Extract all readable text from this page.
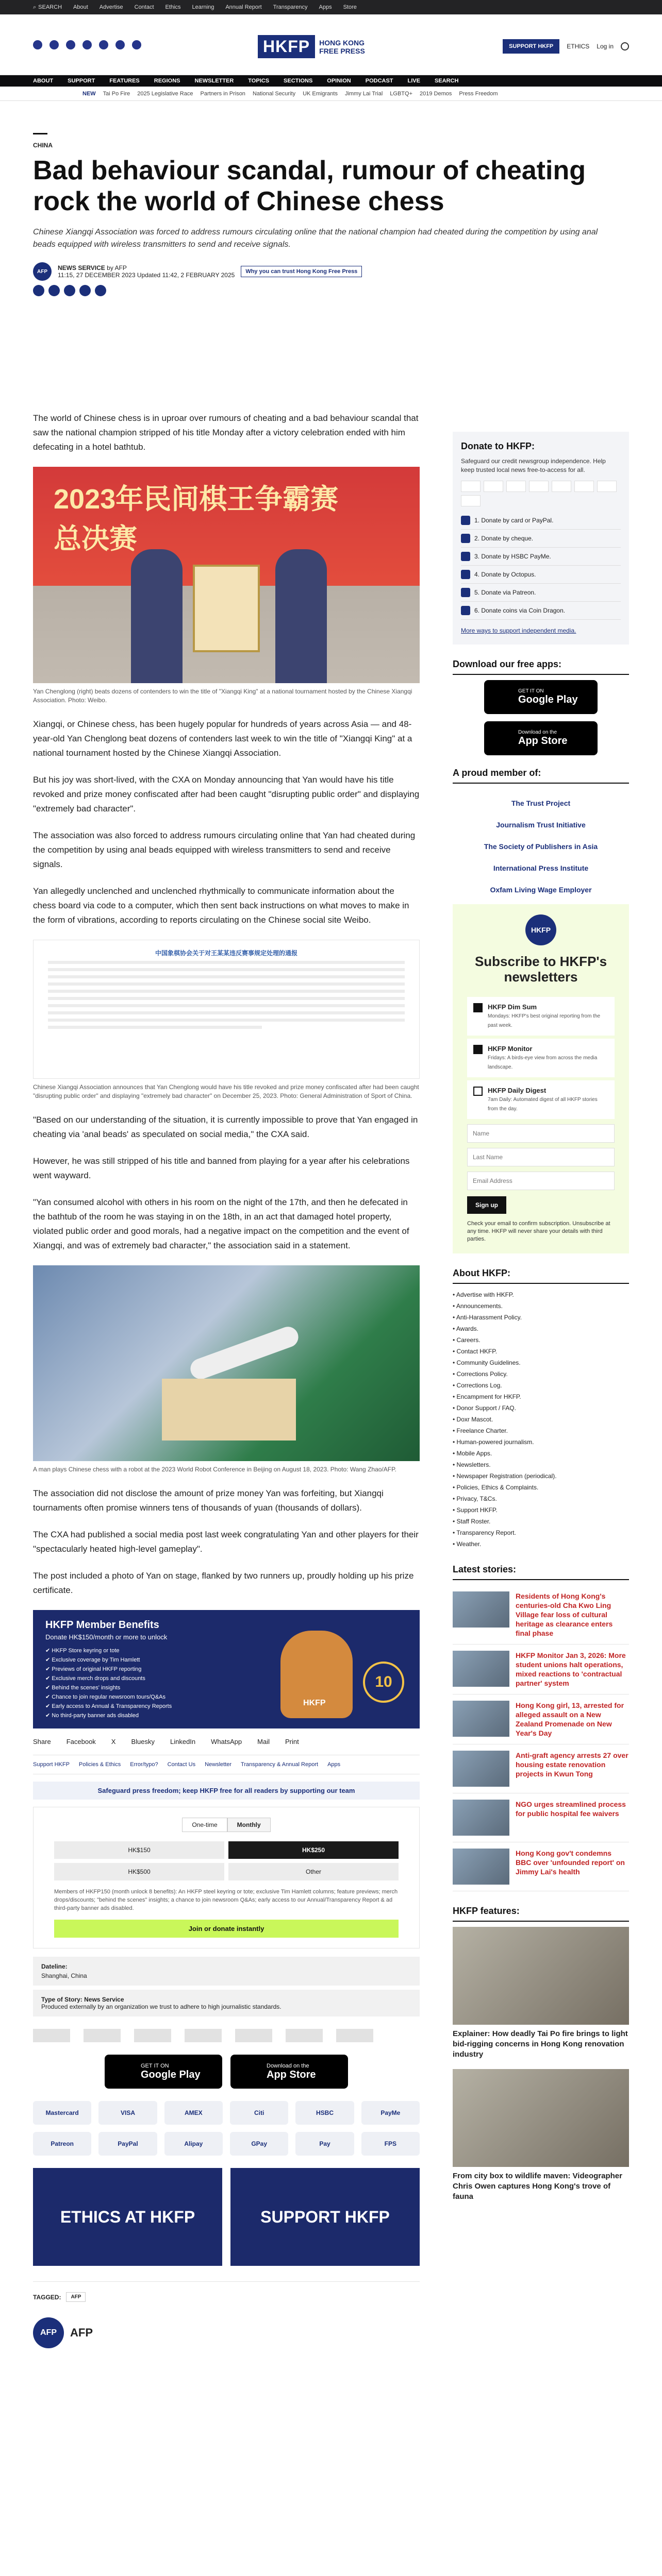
⌕ SEARCH About Advertise Contact Ethics Learning Annual Report Transparency Apps Store
HKFP	HONG KONG
FREE PRESS
SUPPORT HKFP	ETHICS Log in
ABOUT	SUPPORT	FEATURES	REGIONS	NEWSLETTER	TOPICS	SECTIONS	OPINION	PODCAST	LIVE	SEARCH
NEW Tai Po Fire 2025 Legislative Race Partners in Prison National Security UK Emigrants Jimmy Lai Trial LGBTQ+ 2019 Demos Press Freedom
CHINA
Bad behaviour scandal, rumour of cheating rock the world of Chinese chess
Chinese Xiangqi Association was forced to address rumours circulating online that the national champion had cheated during the competition by using anal beads equipped with wireless transmitters to send and receive signals.
AFP	NEWS SERVICE by AFP
11:15, 27 DECEMBER 2023 Updated 11:42, 2 FEBRUARY 2025	Why you can trust Hong Kong Free Press

The world of Chinese chess is in uproar over rumours of cheating and a bad behaviour scandal that saw the national champion stripped of his title Monday after a victory celebration ended with him defecating in a hotel bathtub.

2023年民间棋王争霸赛
总决赛

Yan Chenglong (right) beats dozens of contenders to win the title of "Xiangqi King" at a national tournament hosted by the Chinese Xiangqi Association. Photo: Weibo.

Xiangqi, or Chinese chess, has been hugely popular for hundreds of years across Asia — and 48-year-old Yan Chenglong beat dozens of contenders last week to win the title of "Xiangqi King" at a national tournament hosted by the Chinese Xiangqi Association.

But his joy was short-lived, with the CXA on Monday announcing that Yan would have his title revoked and prize money confiscated after had been caught "disrupting public order" and displaying "extremely bad character".

The association was also forced to address rumours circulating online that Yan had cheated during the competition by using anal beads equipped with wireless transmitters to send and receive signals.

Yan allegedly unclenched and unclenched rhythmically to communicate information about the chess board via code to a computer, which then sent back instructions on what moves to make in the form of vibrations, according to reports circulating on the Chinese social site Weibo.

中国象棋协会关于对王某某违反赛事规定处理的通报

Chinese Xiangqi Association announces that Yan Chenglong would have his title revoked and prize money confiscated after had been caught "disrupting public order" and displaying "extremely bad character" on December 25, 2023. Photo: General Administration of Sport of China.

"Based on our understanding of the situation, it is currently impossible to prove that Yan engaged in cheating via 'anal beads' as speculated on social media," the CXA said.

However, he was still stripped of his title and banned from playing for a year after his celebrations went wayward.

"Yan consumed alcohol with others in his room on the night of the 17th, and then he defecated in the bathtub of the room he was staying in on the 18th, in an act that damaged hotel property, violated public order and good morals, had a negative impact on the competition and the event of Xiangqi, and was of extremely bad character," the association said in a statement.

A man plays Chinese chess with a robot at the 2023 World Robot Conference in Beijing on August 18, 2023. Photo: Wang Zhao/AFP.

The association did not disclose the amount of prize money Yan was forfeiting, but Xiangqi tournaments often promise winners tens of thousands of yuan (thousands of dollars).

The CXA had published a social media post last week congratulating Yan and other players for their "spectacularly heated high-level gameplay".

The post included a photo of Yan on stage, flanked by two runners up, proudly holding up his prize certificate.

HKFP Member Benefits
Donate HK$150/month or more to unlock
✔ HKFP Store keyring or tote
✔ Exclusive coverage by Tim Hamlett
✔ Previews of original HKFP reporting
✔ Exclusive merch drops and discounts
✔ Behind the scenes' insights
✔ Chance to join regular newsroom tours/Q&As
✔ Early access to Annual & Transparency Reports
✔ No third-party banner ads disabled
HKFP
10
Share Facebook X Bluesky LinkedIn WhatsApp Mail Print
Support HKFP Policies & Ethics Error/typo? Contact Us Newsletter Transparency & Annual Report Apps
Safeguard press freedom; keep HKFP free for all readers by supporting our team
One-time	Monthly
HK$150	HK$250
HK$500	Other

Members of HKFP150 (month unlock 8 benefits): An HKFP steel keyring or tote; exclusive Tim Hamlett columns; feature previews; merch drops/discounts; "behind the scenes" insights; a chance to join newsroom Q&As; early access to our Annual/Transparency Report & ad third-party banner ads disabled.

Join or donate instantly
Dateline:
Shanghai, China
Type of Story: News Service
Produced externally by an organization we trust to adhere to high journalistic standards.
GET IT ON
Google Play
Download on the
App Store
Mastercard	VISA	AMEX	Citi	HSBC	PayMe
Patreon	PayPal	Alipay	GPay	Pay	FPS
ETHICS AT HKFP	SUPPORT HKFP
TAGGED:	AFP
AFP	AFP
Donate to HKFP:

Safeguard our credit newsgroup independence. Help keep trusted local news free-to-access for all.

1. Donate by card or PayPal.
2. Donate by cheque.
3. Donate by HSBC PayMe.
4. Donate by Octopus.
5. Donate via Patreon.
6. Donate coins via Coin Dragon.
More ways to support independent media.
Download our free apps:
GET IT ON
Google Play
Download on the
App Store
A proud member of:
The Trust Project
Journalism Trust Initiative
The Society of Publishers in Asia
International Press Institute
Oxfam Living Wage Employer
HKFP
Subscribe to HKFP's newsletters
HKFP Dim Sum
Mondays: HKFP's best original reporting from the past week.
HKFP Monitor
Fridays: A birds-eye view from across the media landscape.
HKFP Daily Digest
7am Daily: Automated digest of all HKFP stories from the day.
Name
Last Name
Email Address
Sign up

Check your email to confirm subscription. Unsubscribe at any time. HKFP will never share your details with third parties.

About HKFP:
• Advertise with HKFP.
• Announcements.
• Anti-Harassment Policy.
• Awards.
• Careers.
• Contact HKFP.
• Community Guidelines.
• Corrections Policy.
• Corrections Log.
• Encampment for HKFP.
• Donor Support / FAQ.
• Doxr Mascot.
• Freelance Charter.
• Human-powered journalism.
• Mobile Apps.
• Newsletters.
• Newspaper Registration (periodical).
• Policies, Ethics & Complaints.
• Privacy, T&Cs.
• Support HKFP.
• Staff Roster.
• Transparency Report.
• Weather.
Latest stories:
Residents of Hong Kong's centuries-old Cha Kwo Ling Village fear loss of cultural heritage as clearance enters final phase
HKFP Monitor Jan 3, 2026: More student unions halt operations, mixed reactions to 'contractual partner' system
Hong Kong girl, 13, arrested for alleged assault on a New Zealand Promenade on New Year's Day
Anti-graft agency arrests 27 over housing estate renovation projects in Kwun Tong
NGO urges streamlined process for public hospital fee waivers
Hong Kong gov't condemns BBC over 'unfounded report' on Jimmy Lai's health
HKFP features:
Explainer: How deadly Tai Po fire brings to light bid-rigging concerns in Hong Kong renovation industry
From city box to wildlife maven: Videographer Chris Owen captures Hong Kong's trove of fauna
